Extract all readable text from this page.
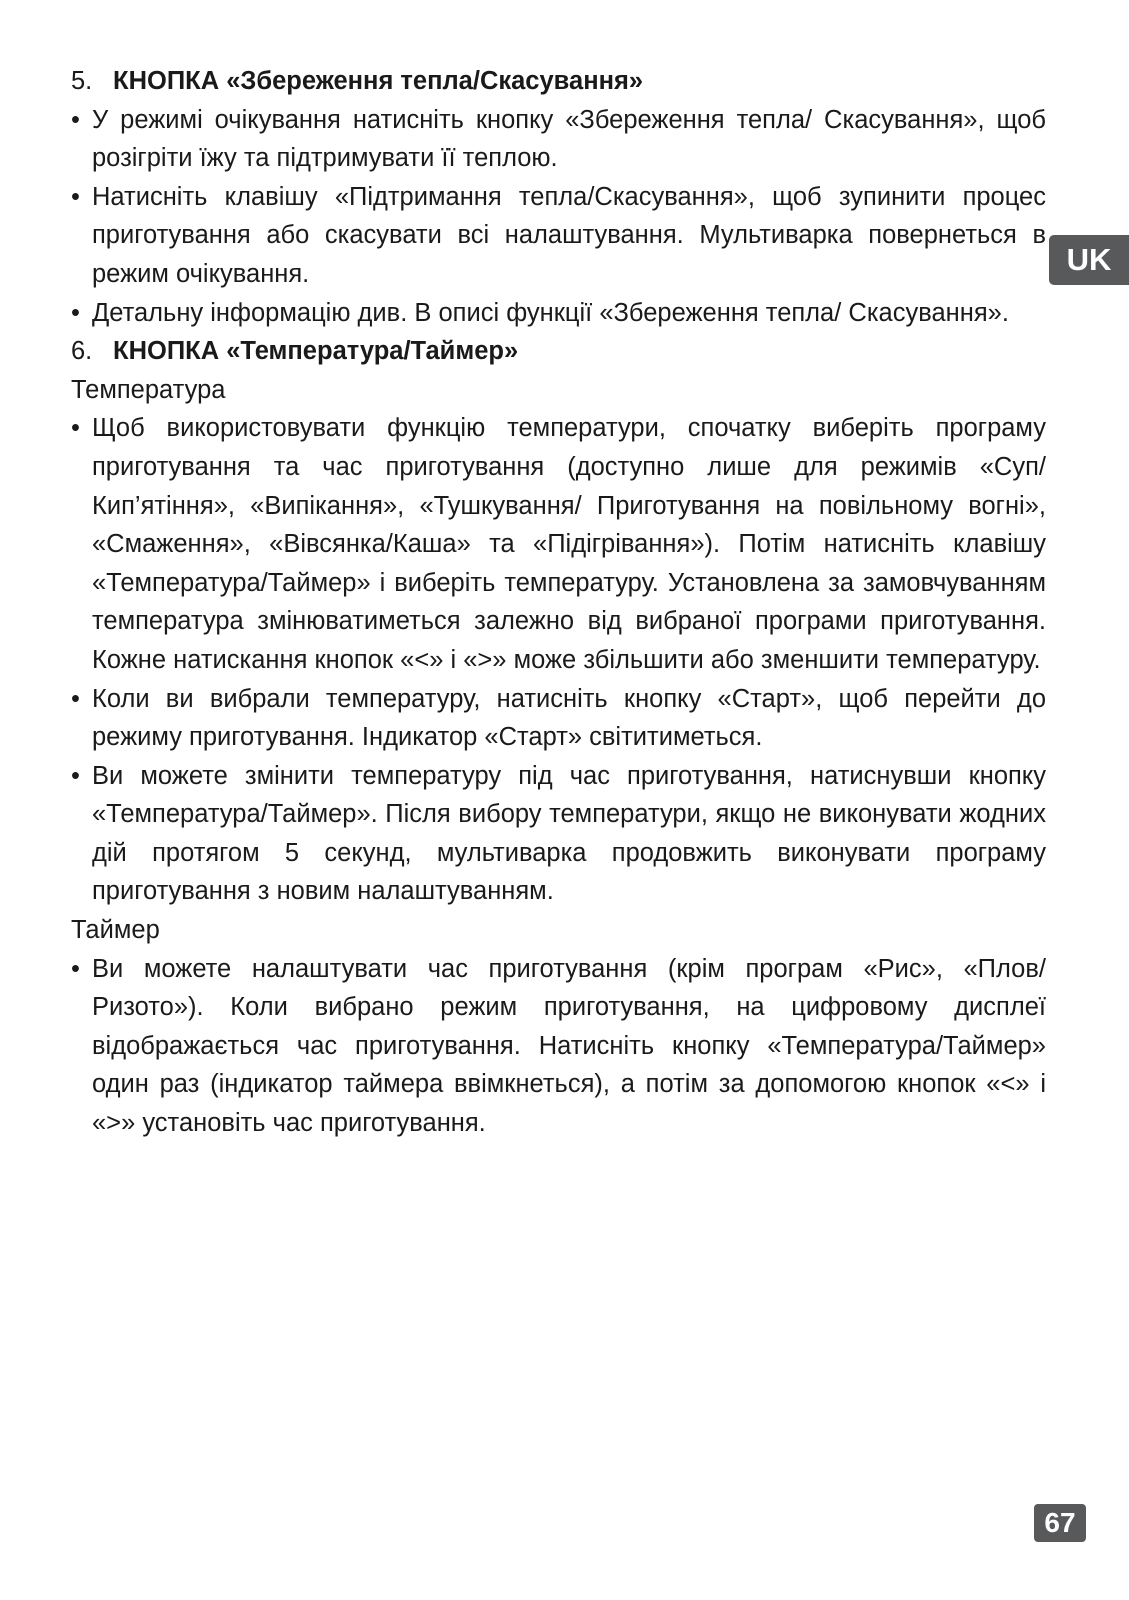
5. КНОПКА «Збереження тепла/Скасування»
• У режимі очікування натисніть кнопку «Збереження тепла/ Скасування», щоб розігріти їжу та підтримувати її теплою.
• Натисніть клавішу «Підтримання тепла/Скасування», щоб зупинити процес приготування або скасувати всі налаштування. Мультиварка повернеться в режим очікування.
• Детальну інформацію див. В описі функції «Збереження тепла/ Скасування».
6. КНОПКА «Температура/Таймер»

Температура

• Щоб використовувати функцію температури, спочатку виберіть програму приготування та час приготування (доступно лише для режимів «Суп/Кип’ятіння», «Випікання», «Тушкування/ Приготування на повільному вогні», «Смаження», «Вівсянка/Каша» та «Підігрівання»). Потім натисніть клавішу «Температура/Таймер» і виберіть температуру. Установлена за замовчуванням температура змінюватиметься залежно від вибраної програми приготування. Кожне натискання кнопок «<» і «>» може збільшити або зменшити температуру.
• Коли ви вибрали температуру, натисніть кнопку «Старт», щоб перейти до режиму приготування. Індикатор «Старт» світитиметься.
• Ви можете змінити температуру під час приготування, натиснувши кнопку «Температура/Таймер». Після вибору температури, якщо не виконувати жодних дій протягом 5 секунд, мультиварка продовжить виконувати програму приготування з новим налаштуванням.

Таймер

• Ви можете налаштувати час приготування (крім програм «Рис», «Плов/Ризото»). Коли вибрано режим приготування, на цифровому дисплеї відображається час приготування. Натисніть кнопку «Температура/Таймер» один раз (індикатор таймера ввімкнеться), а потім за допомогою кнопок «<» і «>» установіть час приготування.
UK
67
